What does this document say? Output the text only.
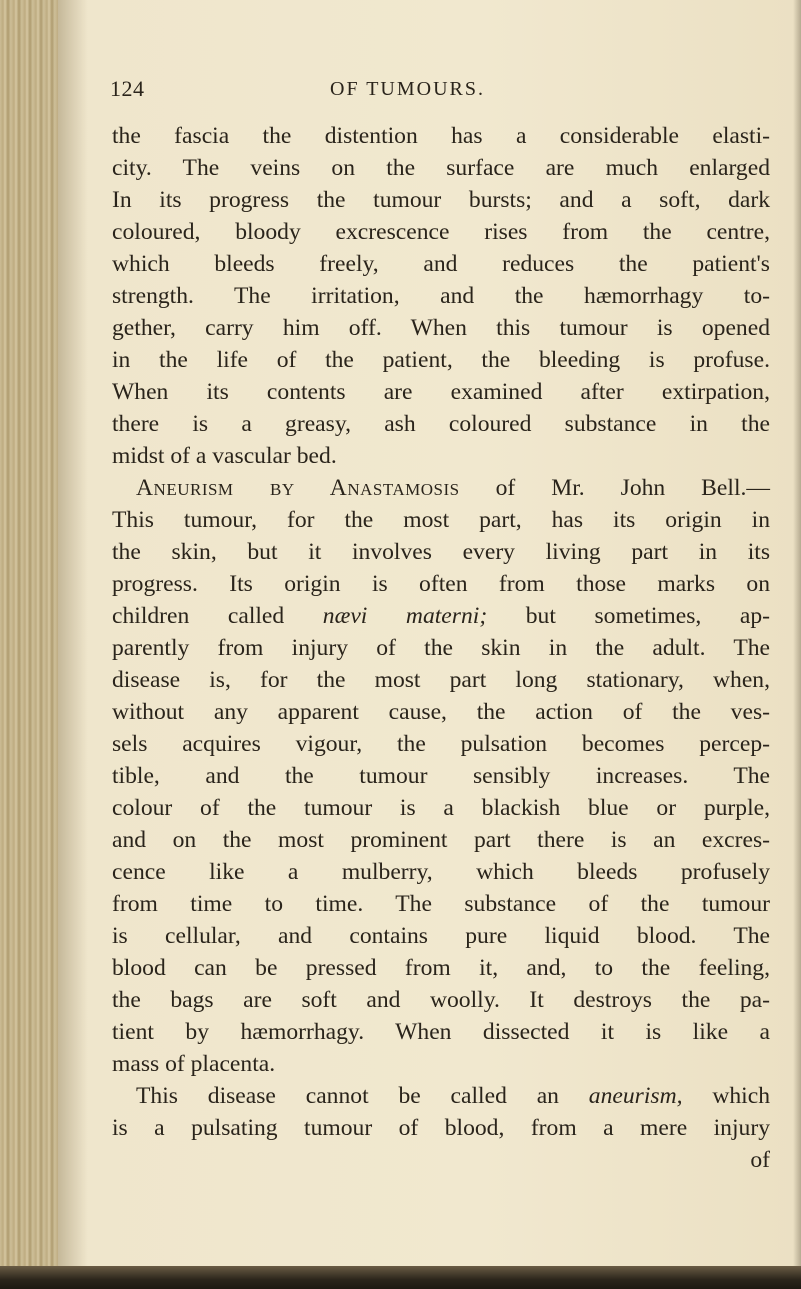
124	OF TUMOURS.
the fascia the distention has a considerable elasti-
city. The veins on the surface are much enlarged
In its progress the tumour bursts; and a soft, dark
coloured, bloody excrescence rises from the centre,
which bleeds freely, and reduces the patient's
strength. The irritation, and the hæmorrhagy to-
gether, carry him off. When this tumour is opened
in the life of the patient, the bleeding is profuse.
When its contents are examined after extirpation,
there is a greasy, ash coloured substance in the
midst of a vascular bed.
Aneurism by Anastamosis of Mr. John Bell.—
This tumour, for the most part, has its origin in
the skin, but it involves every living part in its
progress. Its origin is often from those marks on
children called nævi materni; but sometimes, ap-
parently from injury of the skin in the adult. The
disease is, for the most part long stationary, when,
without any apparent cause, the action of the ves-
sels acquires vigour, the pulsation becomes percep-
tible, and the tumour sensibly increases. The
colour of the tumour is a blackish blue or purple,
and on the most prominent part there is an excres-
cence like a mulberry, which bleeds profusely
from time to time. The substance of the tumour
is cellular, and contains pure liquid blood. The
blood can be pressed from it, and, to the feeling,
the bags are soft and woolly. It destroys the pa-
tient by hæmorrhagy. When dissected it is like a
mass of placenta.
This disease cannot be called an aneurism, which
is a pulsating tumour of blood, from a mere injury
of
